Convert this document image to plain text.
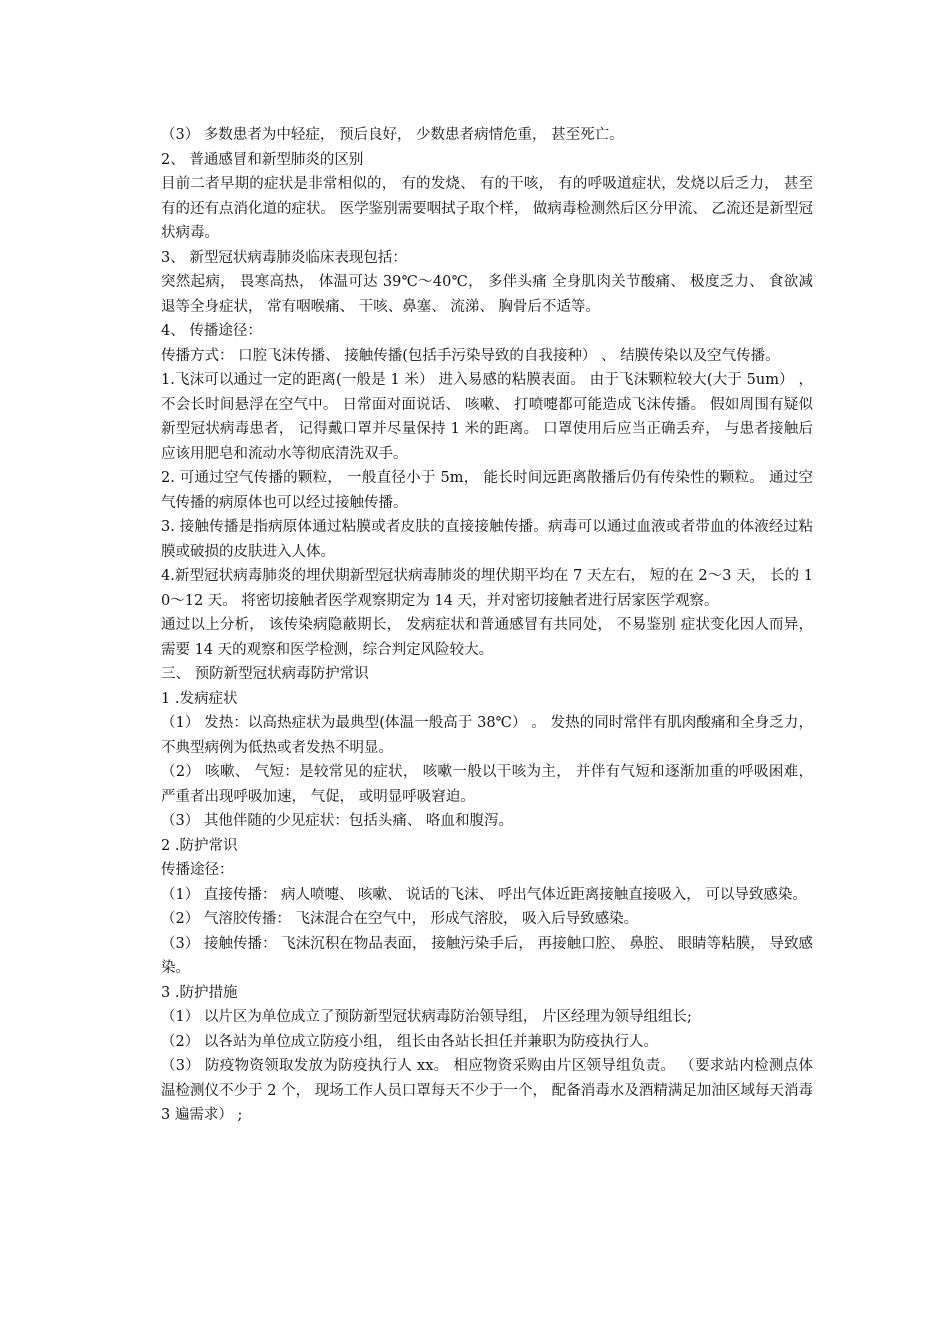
（3） 多数患者为中轻症， 预后良好， 少数患者病情危重， 甚至死亡。

2、 普通感冒和新型肺炎的区别

目前二者早期的症状是非常相似的， 有的发烧、 有的干咳， 有的呼吸道症状，发烧以后乏力， 甚至有的还有点消化道的症状。 医学鉴别需要咽拭子取个样， 做病毒检测然后区分甲流、 乙流还是新型冠状病毒。

3、 新型冠状病毒肺炎临床表现包括：

突然起病， 畏寒高热， 体温可达 39℃～40℃， 多伴头痛 全身肌肉关节酸痛、 极度乏力、 食欲减退等全身症状， 常有咽喉痛、 干咳、鼻塞、 流涕、 胸骨后不适等。

4、 传播途径：

传播方式： 口腔飞沫传播、 接触传播(包括手污染导致的自我接种） 、 结膜传染以及空气传播。

1.飞沫可以通过一定的距离(一般是 1 米） 进入易感的粘膜表面。 由于飞沫颗粒较大(大于 5um） ， 不会长时间悬浮在空气中。 日常面对面说话、 咳嗽、 打喷嚏都可能造成飞沫传播。 假如周围有疑似新型冠状病毒患者， 记得戴口罩并尽量保持 1 米的距离。 口罩使用后应当正确丢弃， 与患者接触后应该用肥皂和流动水等彻底清洗双手。

2. 可通过空气传播的颗粒， 一般直径小于 5m， 能长时间远距离散播后仍有传染性的颗粒。 通过空气传播的病原体也可以经过接触传播。

3. 接触传播是指病原体通过粘膜或者皮肤的直接接触传播。病毒可以通过血液或者带血的体液经过粘膜或破损的皮肤进入人体。

4.新型冠状病毒肺炎的埋伏期新型冠状病毒肺炎的埋伏期平均在 7 天左右， 短的在 2～3 天， 长的 10～12 天。 将密切接触者医学观察期定为 14 天，并对密切接触者进行居家医学观察。

通过以上分析， 该传染病隐蔽期长， 发病症状和普通感冒有共同处， 不易鉴别 症状变化因人而异， 需要 14 天的观察和医学检测，综合判定风险较大。

三、 预防新型冠状病毒防护常识

1 .发病症状

（1） 发热：以高热症状为最典型(体温一般高于 38℃） 。 发热的同时常伴有肌肉酸痛和全身乏力， 不典型病例为低热或者发热不明显。

（2） 咳嗽、 气短：是较常见的症状， 咳嗽一般以干咳为主， 并伴有气短和逐渐加重的呼吸困难， 严重者出现呼吸加速， 气促， 或明显呼吸窘迫。

（3） 其他伴随的少见症状：包括头痛、 咯血和腹泻。

2 .防护常识

传播途径：

（1） 直接传播： 病人喷嚏、 咳嗽、 说话的飞沫、 呼出气体近距离接触直接吸入， 可以导致感染。

（2） 气溶胶传播： 飞沫混合在空气中， 形成气溶胶， 吸入后导致感染。

（3） 接触传播： 飞沫沉积在物品表面， 接触污染手后， 再接触口腔、 鼻腔、 眼睛等粘膜， 导致感染。

3 .防护措施

（1） 以片区为单位成立了预防新型冠状病毒防治领导组， 片区经理为领导组组长;

（2） 以各站为单位成立防疫小组， 组长由各站长担任并兼职为防疫执行人。

（3） 防疫物资领取发放为防疫执行人 xx。 相应物资采购由片区领导组负责。 （要求站内检测点体温检测仪不少于 2 个， 现场工作人员口罩每天不少于一个， 配备消毒水及酒精满足加油区域每天消毒 3 遍需求） ;
